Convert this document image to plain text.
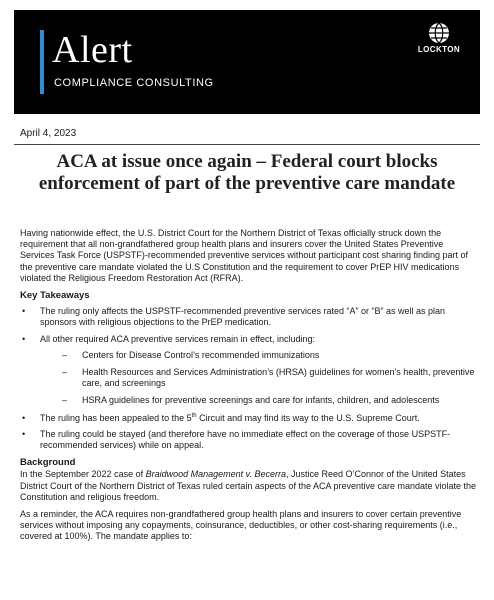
Alert
COMPLIANCE CONSULTING
LOCKTON
April 4, 2023
ACA at issue once again – Federal court blocks enforcement of part of the preventive care mandate

Having nationwide effect, the U.S. District Court for the Northern District of Texas officially struck down the requirement that all non-grandfathered group health plans and insurers cover the United States Preventive Services Task Force (USPSTF)-recommended preventive services without participant cost sharing finding part of the preventive care mandate violated the U.S Constitution and the requirement to cover PrEP HIV medications violated the Religious Freedom Restoration Act (RFRA).

Key Takeaways
• The ruling only affects the USPSTF-recommended preventive services rated “A” or “B” as well as plan sponsors with religious objections to the PrEP medication.
• All other required ACA preventive services remain in effect, including:
– Centers for Disease Control’s recommended immunizations
– Health Resources and Services Administration’s (HRSA) guidelines for women’s health, preventive care, and screenings
– HSRA guidelines for preventive screenings and care for infants, children, and adolescents
• The ruling has been appealed to the 5th Circuit and may find its way to the U.S. Supreme Court.
• The ruling could be stayed (and therefore have no immediate effect on the coverage of those USPSTF-recommended services) while on appeal.
Background

In the September 2022 case of Braidwood Management v. Becerra, Justice Reed O’Connor of the United States District Court of the Northern District of Texas ruled certain aspects of the ACA preventive care mandate violate the Constitution and religious freedom.

As a reminder, the ACA requires non-grandfathered group health plans and insurers to cover certain preventive services without imposing any copayments, coinsurance, deductibles, or other cost-sharing requirements (i.e., covered at 100%). The mandate applies to:
